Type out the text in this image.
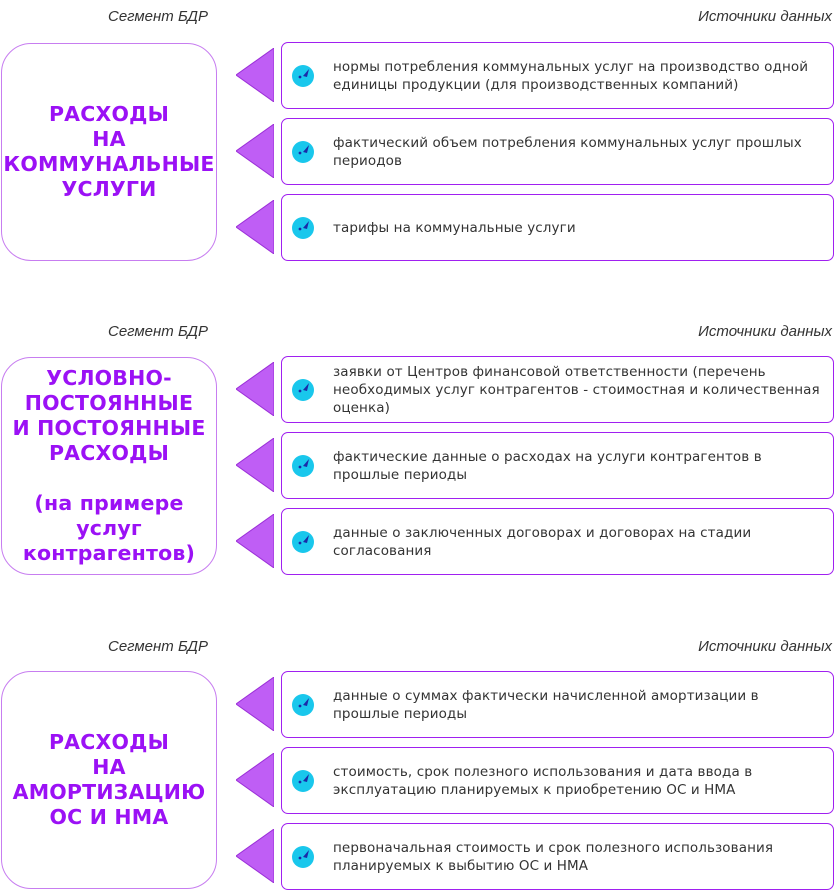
Сегмент БДР	Источники данных
РАСХОДЫ
НА
КОММУНАЛЬНЫЕ
УСЛУГИ
нормы потребления коммунальных услуг на производство одной единицы продукции (для производственных компаний)
фактический объем потребления коммунальных услуг прошлых периодов
тарифы на коммунальные услуги
Сегмент БДР	Источники данных
УСЛОВНО-
ПОСТОЯННЫЕ
И ПОСТОЯННЫЕ
РАСХОДЫ

(на примере услуг
контрагентов)
заявки от Центров финансовой ответственности (перечень необходимых услуг контрагентов - стоимостная и количественная оценка)
фактические данные о расходах на услуги контрагентов в прошлые периоды
данные о заключенных договорах и договорах на стадии согласования
Сегмент БДР	Источники данных
РАСХОДЫ
НА
АМОРТИЗАЦИЮ
ОС И НМА
данные о суммах фактически начисленной амортизации в прошлые периоды
стоимость, срок полезного использования и дата ввода в эксплуатацию планируемых к приобретению ОС и НМА
первоначальная стоимость и срок полезного использования планируемых к выбытию ОС и НМА
